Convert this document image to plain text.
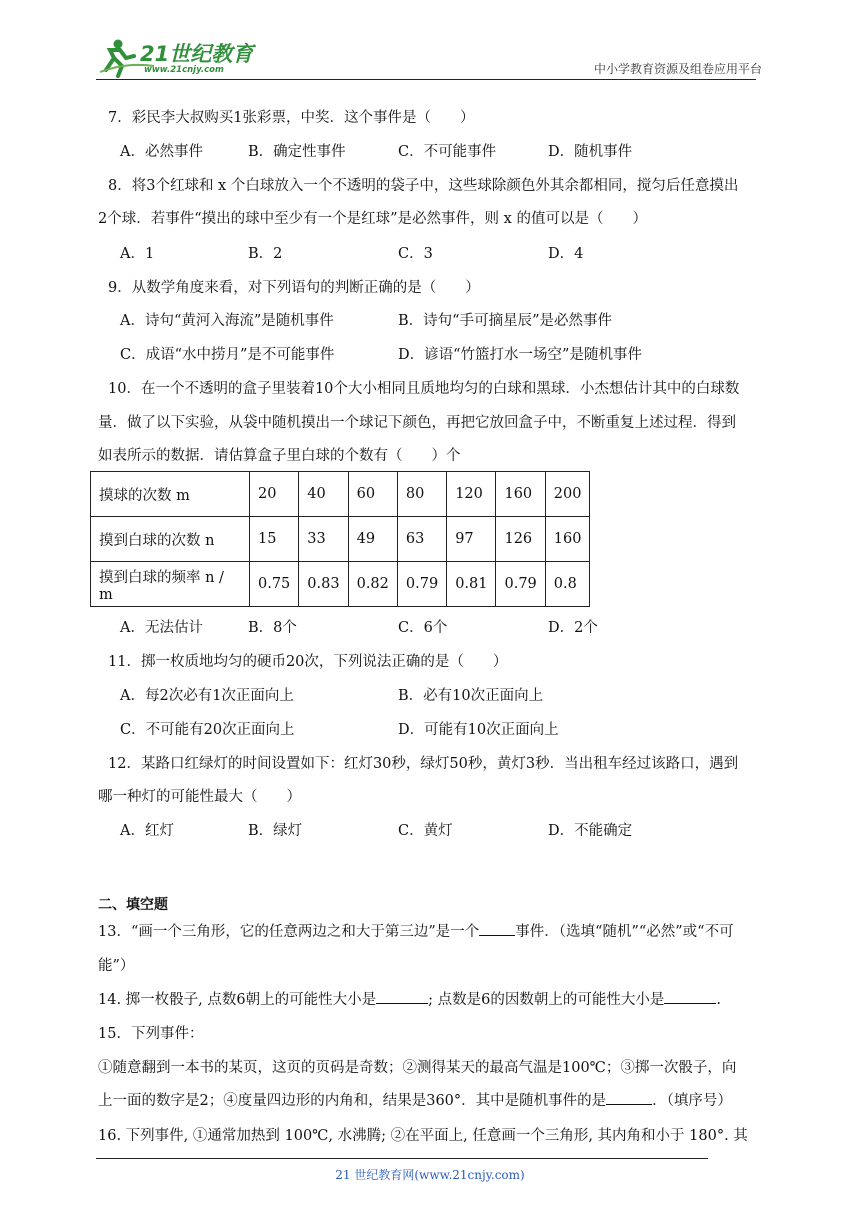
21世纪教育
www.21cnjy.com	中小学教育资源及组卷应用平台
7．彩民李大叔购买1张彩票，中奖．这个事件是（　　）
A．必然事件	B．确定性事件	C．不可能事件	D．随机事件
8．将3个红球和 x 个白球放入一个不透明的袋子中，这些球除颜色外其余都相同，搅匀后任意摸出
2个球．若事件“摸出的球中至少有一个是红球”是必然事件，则 x 的值可以是（　　）
A．1	B．2	C．3	D．4
9．从数学角度来看，对下列语句的判断正确的是（　　）
A．诗句“黄河入海流”是随机事件	B．诗句“手可摘星辰”是必然事件
C．成语“水中捞月”是不可能事件	D．谚语“竹篮打水一场空”是随机事件
10．在一个不透明的盒子里装着10个大小相同且质地均匀的白球和黑球．小杰想估计其中的白球数
量．做了以下实验，从袋中随机摸出一个球记下颜色，再把它放回盒子中，不断重复上述过程．得到
如表所示的数据．请估算盒子里白球的个数有（　　）个
摸球的次数 m	20	40	60	80	120	160	200
摸到白球的次数 n	15	33	49	63	97	126	160
摸到白球的频率 n / m	0.75	0.83	0.82	0.79	0.81	0.79	0.8
A．无法估计	B．8个	C．6个	D．2个
11．掷一枚质地均匀的硬币20次，下列说法正确的是（　　）
A．每2次必有1次正面向上	B．必有10次正面向上
C．不可能有20次正面向上	D．可能有10次正面向上
12．某路口红绿灯的时间设置如下：红灯30秒，绿灯50秒，黄灯3秒．当出租车经过该路口，遇到
哪一种灯的可能性最大（　　）
A．红灯	B．绿灯	C．黄灯	D．不能确定
二、填空题
13．“画一个三角形，它的任意两边之和大于第三边”是一个 事件．（选填“随机”“必然”或“不可
能”）
14. 掷一枚骰子, 点数6朝上的可能性大小是	; 点数是6的因数朝上的可能性大小是	.
15．下列事件：
①随意翻到一本书的某页，这页的页码是奇数；②测得某天的最高气温是100℃；③掷一次骰子，向
上一面的数字是2；④度量四边形的内角和，结果是360°．其中是随机事件的是	．（填序号）
16. 下列事件, ①通常加热到 100℃, 水沸腾; ②在平面上, 任意画一个三角形, 其内角和小于 180°. 其
21 世纪教育网(www.21cnjy.com)
